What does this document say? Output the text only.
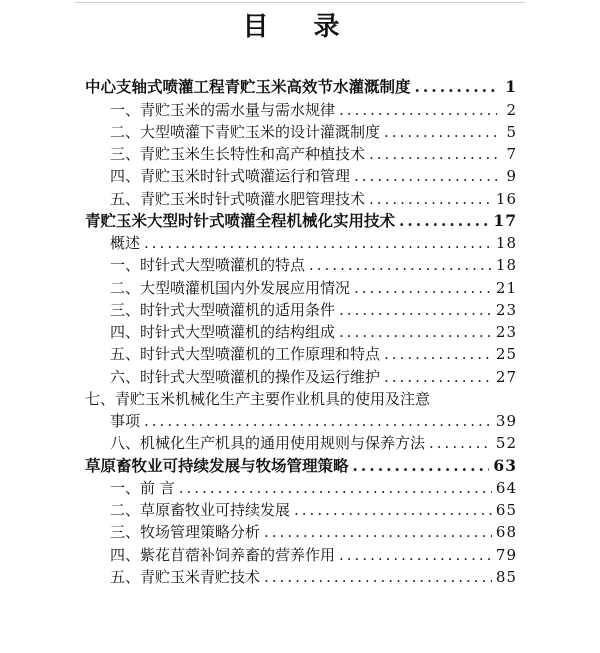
目 录
中心支轴式喷灌工程青贮玉米高效节水灌溉制度 .....	1
一、青贮玉米的需水量与需水规律 .....	2
二、大型喷灌下青贮玉米的设计灌溉制度 .....	5
三、青贮玉米生长特性和高产种植技术 .....	7
四、青贮玉米时针式喷灌运行和管理 .....	9
五、青贮玉米时针式喷灌水肥管理技术 .....	16
青贮玉米大型时针式喷灌全程机械化实用技术 .....	17
概述 .....	18
一、时针式大型喷灌机的特点 .....	18
二、大型喷灌机国内外发展应用情况 .....	21
三、时针式大型喷灌机的适用条件 .....	23
四、时针式大型喷灌机的结构组成 .....	23
五、时针式大型喷灌机的工作原理和特点 .....	25
六、时针式大型喷灌机的操作及运行维护 .....	27
七、青贮玉米机械化生产主要作业机具的使用及注意
事项 .....	39
八、机械化生产机具的通用使用规则与保养方法 .....	52
草原畜牧业可持续发展与牧场管理策略 .....	63
一、前 言 .....	64
二、草原畜牧业可持续发展 .....	65
三、牧场管理策略分析 .....	68
四、紫花苜蓿补饲养畜的营养作用 .....	79
五、青贮玉米青贮技术 .....	85
